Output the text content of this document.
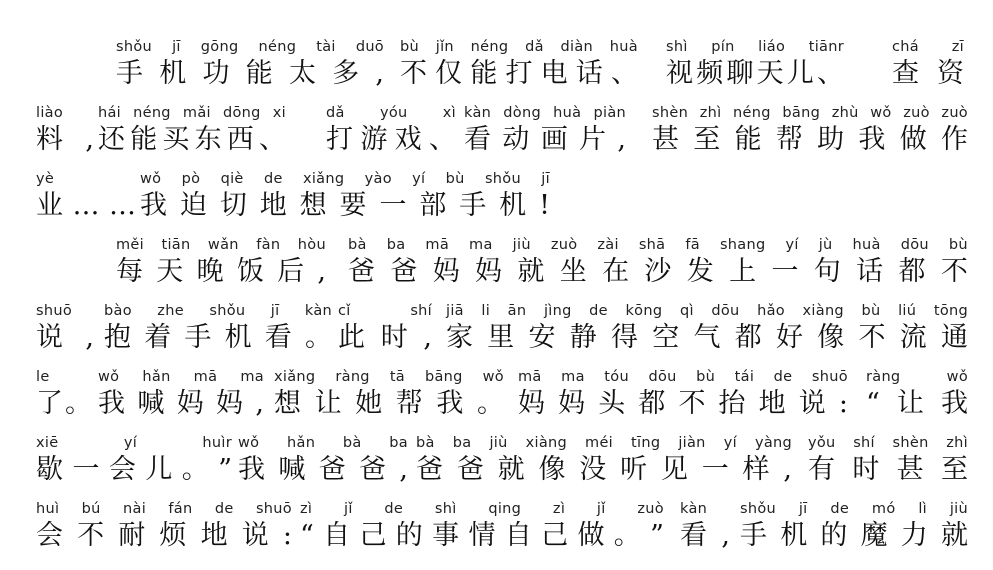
shǒu jī gōng néng tài duō
手 机 功 能 太 多 ,
bù jǐn néng dǎ diàn huà
不 仅 能 打 电 话 、
shì pín liáo tiānr
视 频 聊 天 儿 、
chá zī
查 资
liào
料 ,
hái néng mǎi dōng xi
还 能 买 东 西 、
dǎ yóu xì
打 游 戏 、
kàn dòng huà piàn
看 动 画 片 ,
shèn zhì néng bāng zhù wǒ zuò zuò
甚 至 能 帮 助 我 做 作
yè
业 … …
wǒ pò qiè de xiǎng yào yí bù shǒu jī
我 迫 切 地 想 要 一 部 手 机 !
měi tiān wǎn fàn hòu
每 天 晚 饭 后 ,
bà ba mā ma jiù zuò zài shā fā shang yí jù huà dōu bù
爸 爸 妈 妈 就 坐 在 沙 发 上 一 句 话 都 不
shuō
说 ,
bào zhe shǒu jī kàn
抱 着 手 机 看 。
cǐ	shí
此 时 ,
jiā li ān jìng de kōng qì dōu hǎo xiàng bù liú tōng
家 里 安 静 得 空 气 都 好 像 不 流 通
le
了 。
wǒ hǎn mā ma
我 喊 妈 妈 ,
xiǎng ràng tā bāng wǒ
想 让 她 帮 我 。
mā ma tóu dōu bù tái de shuō
妈 妈 头 都 不 抬 地 说 :
ràng	wǒ
“ 让 我
xiē	yí	huìr
歇 一 会 儿 。 ”
wǒ hǎn bà ba
我 喊 爸 爸 ,
bà ba jiù xiàng méi tīng jiàn yí yàng
爸 爸 就 像 没 听 见 一 样 ,
yǒu shí shèn zhì
有 时 甚 至
huì bú nài fán de shuō
会 不 耐 烦 地 说 :
zì jǐ de shì qing zì jǐ zuò
“ 自 己 的 事 情 自 己 做 。 ”
kàn
看 ,
shǒu jī de mó lì jiù
手 机 的 魔 力 就
